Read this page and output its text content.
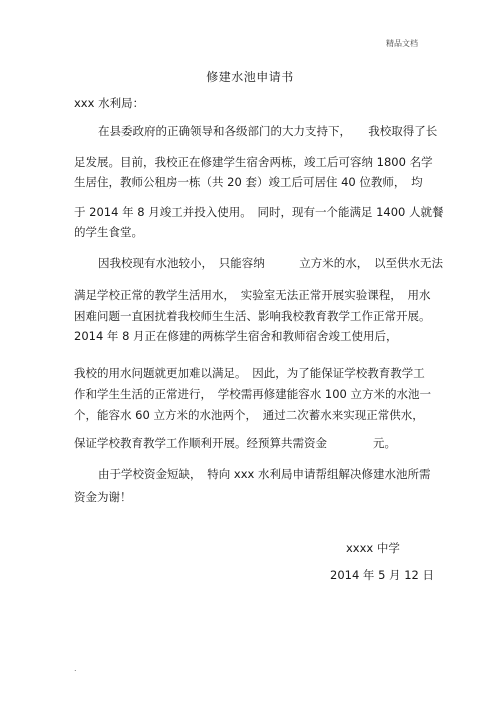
精品文档
修建水池申请书
xxx 水利局：
在县委政府的正确领导和各级部门的大力支持下，　　我校取得了长
足发展。目前，我校正在修建学生宿舍两栋，竣工后可容纳 1800 名学
生居住，教师公租房一栋（共 20 套）竣工后可居住 40 位教师，　均
于 2014 年 8 月竣工并投入使用。　同时，现有一个能满足 1400 人就餐
的学生食堂。
因我校现有水池较小，　只能容纳　　　立方米的水，　以至供水无法
满足学校正常的教学生活用水，　实验室无法正常开展实验课程，　用水
困难问题一直困扰着我校师生生活、影响我校教育教学工作正常开展。
2014 年 8 月正在修建的两栋学生宿舍和教师宿舍竣工使用后，
我校的用水问题就更加难以满足。　因此，为了能保证学校教育教学工
作和学生生活的正常进行，　学校需再修建能容水 100 立方米的水池一
个，能容水 60 立方米的水池两个，　通过二次蓄水来实现正常供水，
保证学校教育教学工作顺利开展。经预算共需资金　　　　元。
由于学校资金短缺，　特向 xxx 水利局申请帮组解决修建水池所需
资金为谢！
xxxx 中学
2014 年 5 月 12 日
.
